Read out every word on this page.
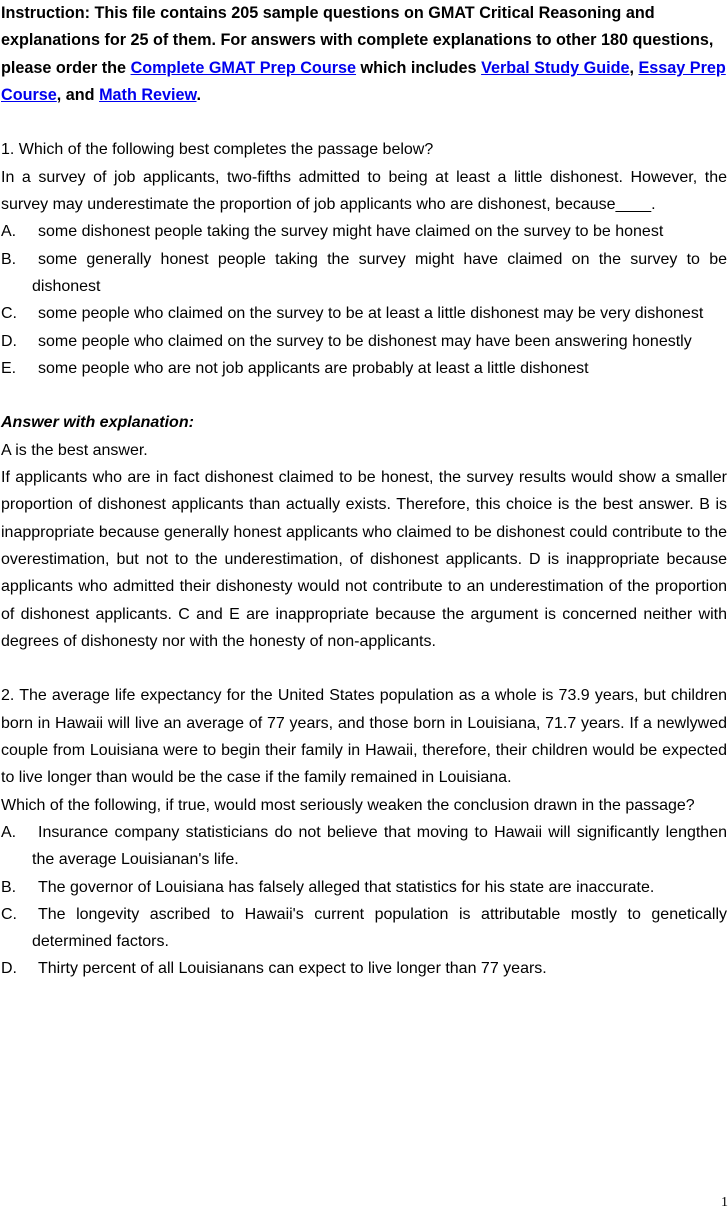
Instruction: This file contains 205 sample questions on GMAT Critical Reasoning and explanations for 25 of them. For answers with complete explanations to other 180 questions, please order the Complete GMAT Prep Course which includes Verbal Study Guide, Essay Prep Course, and Math Review.

1. Which of the following best completes the passage below?

In a survey of job applicants, two-fifths admitted to being at least a little dishonest. However, the survey may underestimate the proportion of job applicants who are dishonest, because____.

A.	some dishonest people taking the survey might have claimed on the survey to be honest
B.	some generally honest people taking the survey might have claimed on the survey to be dishonest
C.	some people who claimed on the survey to be at least a little dishonest may be very dishonest
D.	some people who claimed on the survey to be dishonest may have been answering honestly
E.	some people who are not job applicants are probably at least a little dishonest

Answer with explanation:

A is the best answer.

If applicants who are in fact dishonest claimed to be honest, the survey results would show a smaller proportion of dishonest applicants than actually exists. Therefore, this choice is the best answer. B is inappropriate because generally honest applicants who claimed to be dishonest could contribute to the overestimation, but not to the underestimation, of dishonest applicants. D is inappropriate because applicants who admitted their dishonesty would not contribute to an underestimation of the proportion of dishonest applicants. C and E are inappropriate because the argument is concerned neither with degrees of dishonesty nor with the honesty of non-applicants.

2. The average life expectancy for the United States population as a whole is 73.9 years, but children born in Hawaii will live an average of 77 years, and those born in Louisiana, 71.7 years. If a newlywed couple from Louisiana were to begin their family in Hawaii, therefore, their children would be expected to live longer than would be the case if the family remained in Louisiana.

Which of the following, if true, would most seriously weaken the conclusion drawn in the passage?

A.	Insurance company statisticians do not believe that moving to Hawaii will significantly lengthen the average Louisianan's life.
B.	The governor of Louisiana has falsely alleged that statistics for his state are inaccurate.
C.	The longevity ascribed to Hawaii's current population is attributable mostly to genetically determined factors.
D.	Thirty percent of all Louisianans can expect to live longer than 77 years.
1
